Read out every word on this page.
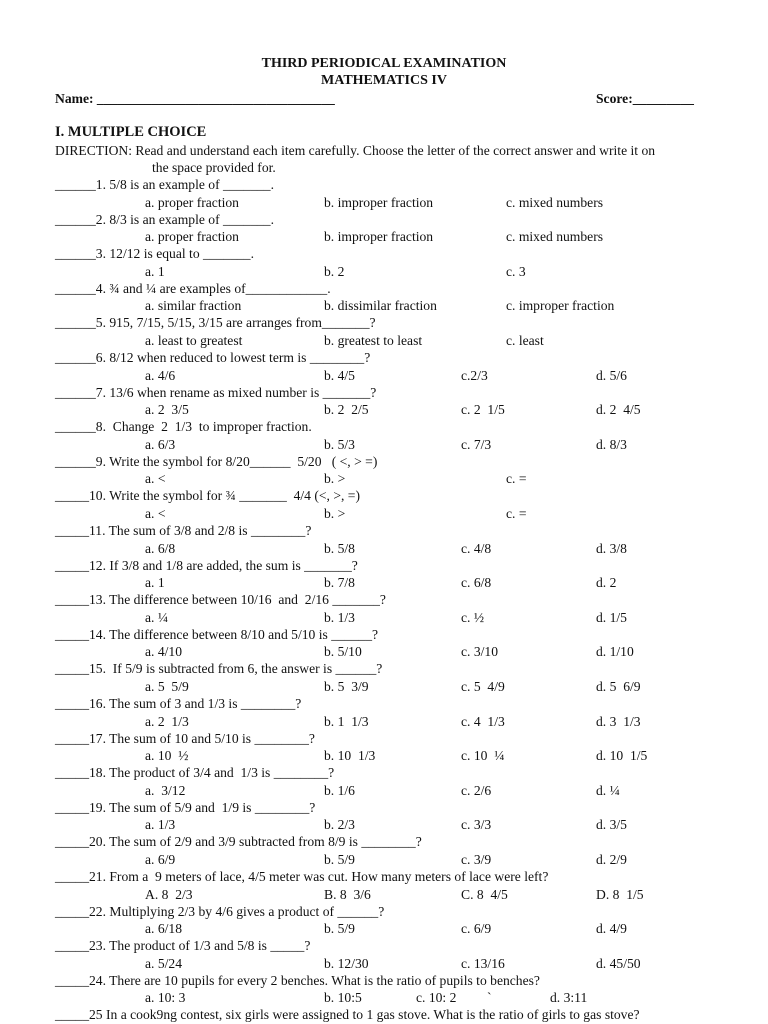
THIRD PERIODICAL EXAMINATION
MATHEMATICS IV
Name: ___________________________________	Score:_________
I. MULTIPLE CHOICE
DIRECTION: Read and understand each item carefully. Choose the letter of the correct answer and write it on
the space provided for.
______1. 5/8 is an example of _______.
a. proper fraction	b. improper fraction	c. mixed numbers
______2. 8/3 is an example of _______.
a. proper fraction	b. improper fraction	c. mixed numbers
______3. 12/12 is equal to _______.
a. 1	b. 2	c. 3
______4. ¾ and ¼ are examples of____________.
a. similar fraction	b. dissimilar fraction	c. improper fraction
______5. 915, 7/15, 5/15, 3/15 are arranges from_______?
a. least to greatest	b. greatest to least	c. least
______6. 8/12 when reduced to lowest term is ________?
a. 4/6	b. 4/5	c.2/3	d. 5/6
______7. 13/6 when rename as mixed number is _______?
a. 2  3/5	b. 2  2/5	c. 2  1/5	d. 2  4/5
______8.  Change  2  1/3  to improper fraction.
a. 6/3	b. 5/3	c. 7/3	d. 8/3
______9. Write the symbol for 8/20______  5/20   ( <, > =)
a. <	b. >	c. =
_____10. Write the symbol for ¾ _______  4/4 (<, >, =)
a. <	b. >	c. =
_____11. The sum of 3/8 and 2/8 is ________?
a. 6/8	b. 5/8	c. 4/8	d. 3/8
_____12. If 3/8 and 1/8 are added, the sum is _______?
a. 1	b. 7/8	c. 6/8	d. 2
_____13. The difference between 10/16  and  2/16 _______?
a. ¼	b. 1/3	c. ½	d. 1/5
_____14. The difference between 8/10 and 5/10 is ______?
a. 4/10	b. 5/10	c. 3/10	d. 1/10
_____15.  If 5/9 is subtracted from 6, the answer is ______?
a. 5  5/9	b. 5  3/9	c. 5  4/9	d. 5  6/9
_____16. The sum of 3 and 1/3 is ________?
a. 2  1/3	b. 1  1/3	c. 4  1/3	d. 3  1/3
_____17. The sum of 10 and 5/10 is ________?
a. 10  ½	b. 10  1/3	c. 10  ¼	d. 10  1/5
_____18. The product of 3/4 and  1/3 is ________?
a.  3/12	b. 1/6	c. 2/6	d. ¼
_____19. The sum of 5/9 and  1/9 is ________?
a. 1/3	b. 2/3	c. 3/3	d. 3/5
_____20. The sum of 2/9 and 3/9 subtracted from 8/9 is ________?
a. 6/9	b. 5/9	c. 3/9	d. 2/9
_____21. From a  9 meters of lace, 4/5 meter was cut. How many meters of lace were left?
A. 8  2/3	B. 8  3/6	C. 8  4/5	D. 8  1/5
_____22. Multiplying 2/3 by 4/6 gives a product of ______?
a. 6/18	b. 5/9	c. 6/9	d. 4/9
_____23. The product of 1/3 and 5/8 is _____?
a. 5/24	b. 12/30	c. 13/16	d. 45/50
_____24. There are 10 pupils for every 2 benches. What is the ratio of pupils to benches?
a. 10: 3	b. 10:5	c. 10: 2         `	d. 3:11
_____25 In a cook9ng contest, six girls were assigned to 1 gas stove. What is the ratio of girls to gas stove?
